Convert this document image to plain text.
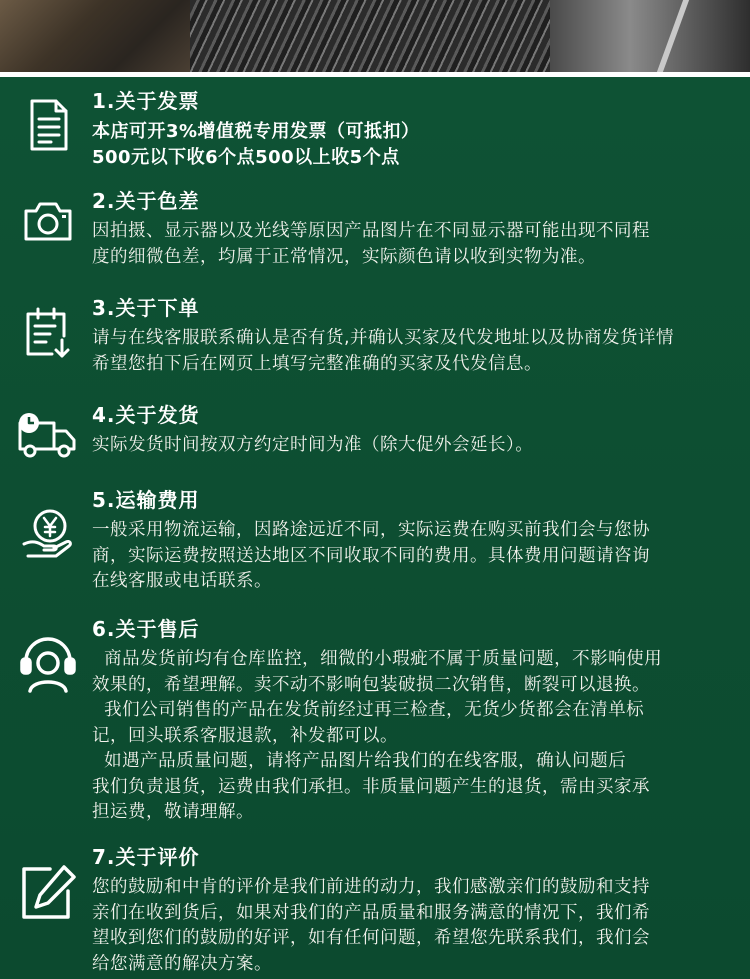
1.关于发票
本店可开3%增值税专用发票（可抵扣）
500元以下收6个点500以上收5个点
2.关于色差
因拍摄、显示器以及光线等原因产品图片在不同显示器可能出现不同程
度的细微色差，均属于正常情况，实际颜色请以收到实物为准。
3.关于下单
请与在线客服联系确认是否有货,并确认买家及代发地址以及协商发货详情
希望您拍下后在网页上填写完整准确的买家及代发信息。
4.关于发货
实际发货时间按双方约定时间为准（除大促外会延长）。
5.运输费用
一般采用物流运输，因路途远近不同，实际运费在购买前我们会与您协
商，实际运费按照送达地区不同收取不同的费用。具体费用问题请咨询
在线客服或电话联系。
6.关于售后
商品发货前均有仓库监控，细微的小瑕疵不属于质量问题，不影响使用
效果的，希望理解。卖不动不影响包装破损二次销售，断裂可以退换。
我们公司销售的产品在发货前经过再三检查，无货少货都会在清单标
记，回头联系客服退款，补发都可以。
如遇产品质量问题，请将产品图片给我们的在线客服，确认问题后
我们负责退货，运费由我们承担。非质量问题产生的退货，需由买家承
担运费，敬请理解。
7.关于评价
您的鼓励和中肯的评价是我们前进的动力，我们感激亲们的鼓励和支持
亲们在收到货后，如果对我们的产品质量和服务满意的情况下，我们希
望收到您们的鼓励的好评，如有任何问题，希望您先联系我们，我们会
给您满意的解决方案。
